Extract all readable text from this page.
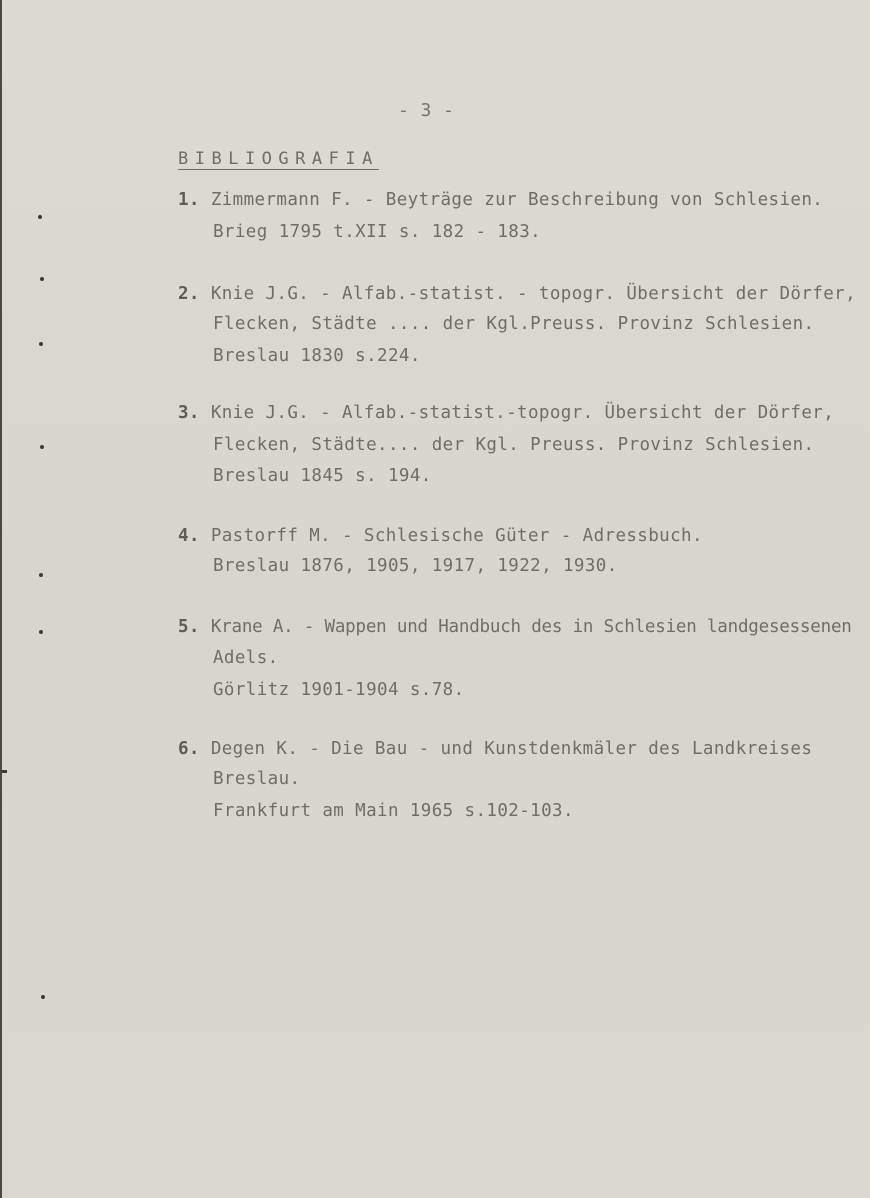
- 3 -
BIBLIOGRAFIA
1. Zimmermann F. - Beyträge zur Beschreibung von Schlesien.
Brieg 1795 t.XII s. 182 - 183.
2. Knie J.G. - Alfab.-statist. - topogr. Übersicht der Dörfer,
Flecken, Städte .... der Kgl.Preuss. Provinz Schlesien.
Breslau 1830 s.224.
3. Knie J.G. - Alfab.-statist.-topogr. Übersicht der Dörfer,
Flecken, Städte.... der Kgl. Preuss. Provinz Schlesien.
Breslau 1845 s. 194.
4. Pastorff M. - Schlesische Güter - Adressbuch.
Breslau 1876, 1905, 1917, 1922, 1930.
5. Krane A. - Wappen und Handbuch des in Schlesien landgesessenen
Adels.
Görlitz 1901-1904 s.78.
6. Degen K. - Die Bau - und Kunstdenkmäler des Landkreises
Breslau.
Frankfurt am Main 1965 s.102-103.
